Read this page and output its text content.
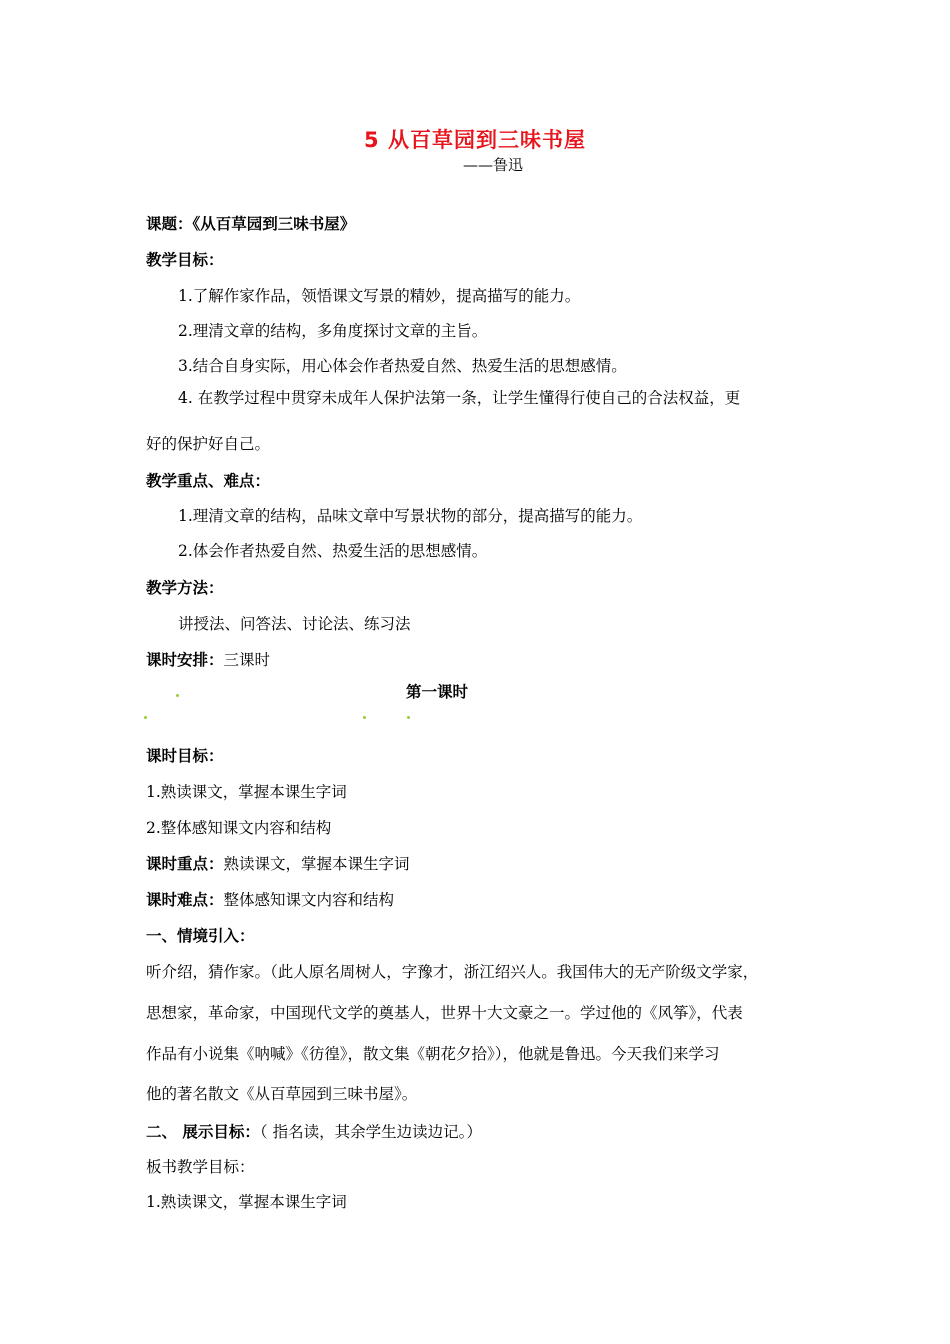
5 从百草园到三味书屋
——鲁迅
课题：《从百草园到三味书屋》
教学目标：
1.了解作家作品，领悟课文写景的精妙，提高描写的能力。
2.理清文章的结构，多角度探讨文章的主旨。
3.结合自身实际，用心体会作者热爱自然、热爱生活的思想感情。
4. 在教学过程中贯穿未成年人保护法第一条，让学生懂得行使自己的合法权益，更
好的保护好自己。
教学重点、难点：
1.理清文章的结构，品味文章中写景状物的部分，提高描写的能力。
2.体会作者热爱自然、热爱生活的思想感情。
教学方法：
讲授法、问答法、讨论法、练习法
课时安排：三课时
第一课时
课时目标：
1.熟读课文，掌握本课生字词
2.整体感知课文内容和结构
课时重点：熟读课文，掌握本课生字词
课时难点：整体感知课文内容和结构
一、情境引入：
听介绍，猜作家。（此人原名周树人，字豫才，浙江绍兴人。我国伟大的无产阶级文学家，
思想家，革命家，中国现代文学的奠基人，世界十大文豪之一。学过他的《风筝》，代表
作品有小说集《呐喊》《彷徨》，散文集《朝花夕拾》），他就是鲁迅。今天我们来学习
他的著名散文《从百草园到三味书屋》。
二、 展示目标：（ 指名读，其余学生边读边记。）
板书教学目标：
1.熟读课文，掌握本课生字词
